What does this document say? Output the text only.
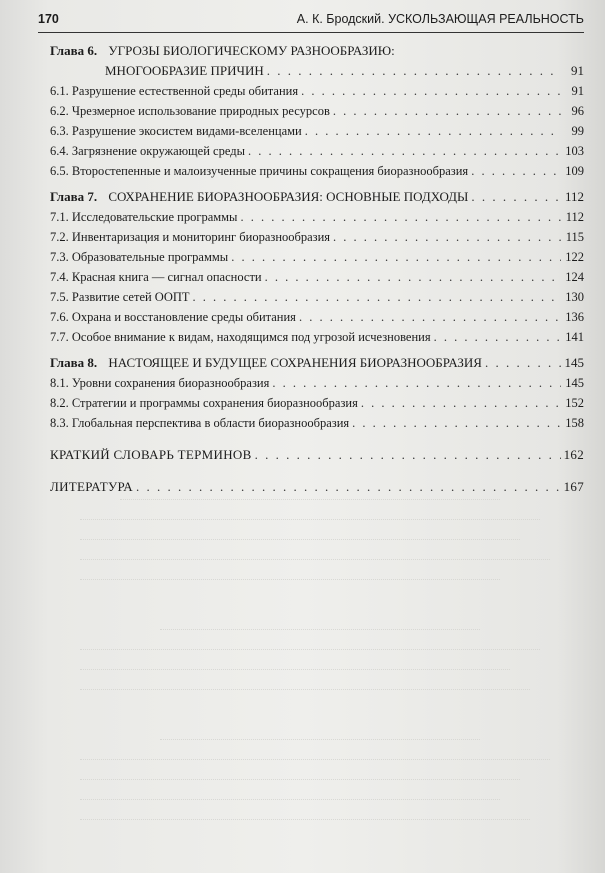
170	А. К. Бродский. УСКОЛЬЗАЮЩАЯ РЕАЛЬНОСТЬ
Глава 6. УГРОЗЫ БИОЛОГИЧЕСКОМУ РАЗНООБРАЗИЮ:
МНОГООБРАЗИЕ ПРИЧИН . . .	91
6.1. Разрушение естественной среды обитания . . .	91
6.2. Чрезмерное использование природных ресурсов . . .	96
6.3. Разрушение экосистем видами-вселенцами . . .	99
6.4. Загрязнение окружающей среды . . .	103
6.5. Второстепенные и малоизученные причины сокращения биоразнообразия . . .	109
Глава 7. СОХРАНЕНИЕ БИОРАЗНООБРАЗИЯ: ОСНОВНЫЕ ПОДХОДЫ . . .	112
7.1. Исследовательские программы . . .	112
7.2. Инвентаризация и мониторинг биоразнообразия . . .	115
7.3. Образовательные программы . . .	122
7.4. Красная книга — сигнал опасности . . .	124
7.5. Развитие сетей ООПТ . . .	130
7.6. Охрана и восстановление среды обитания . . .	136
7.7. Особое внимание к видам, находящимся под угрозой исчезновения . . .	141
Глава 8. НАСТОЯЩЕЕ И БУДУЩЕЕ СОХРАНЕНИЯ БИОРАЗНООБРАЗИЯ . . .	145
8.1. Уровни сохранения биоразнообразия . . .	145
8.2. Стратегии и программы сохранения биоразнообразия . . .	152
8.3. Глобальная перспектива в области биоразнообразия . . .	158
КРАТКИЙ СЛОВАРЬ ТЕРМИНОВ . . .	162
ЛИТЕРАТУРА . . .	167
